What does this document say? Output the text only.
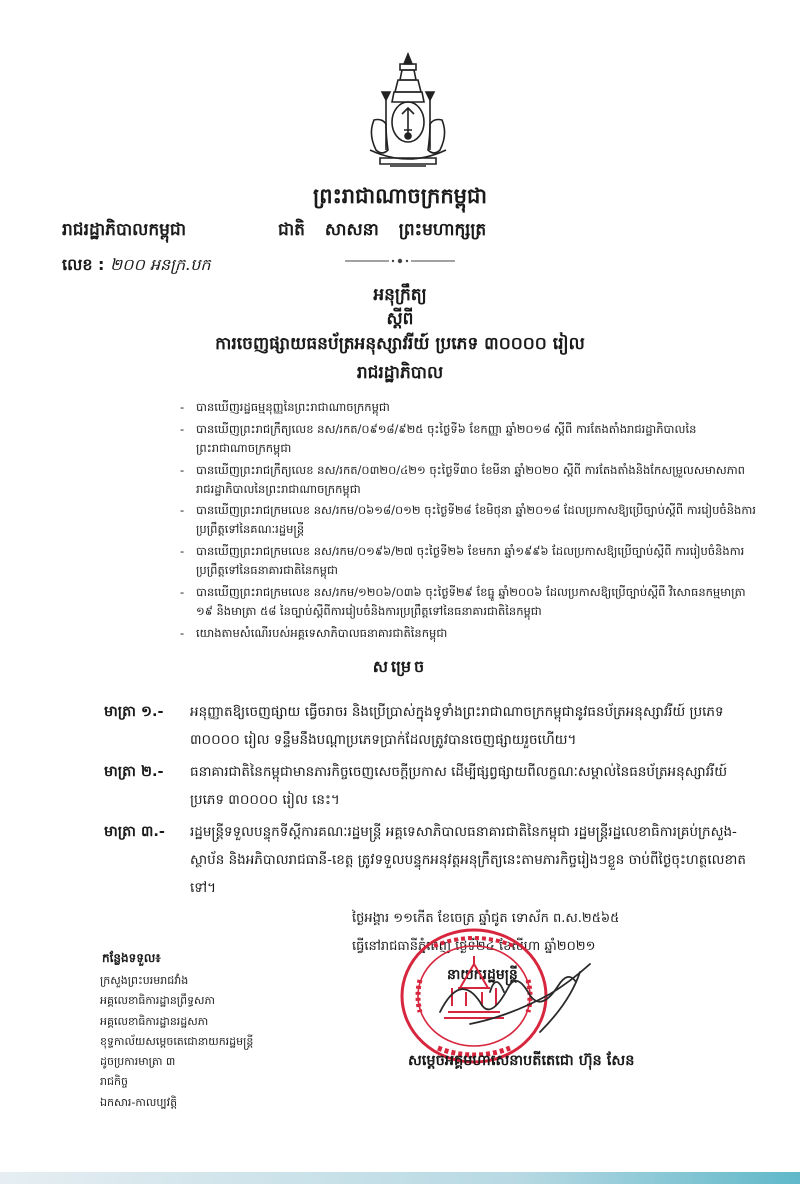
ព្រះរាជាណាចក្រកម្ពុជា
រាជរដ្ឋាភិបាលកម្ពុជា	ជាតិ សាសនា ព្រះមហាក្សត្រ
លេខ : ២០០ អនក្រ.បក
អនុក្រឹត្យ
ស្តីពី
ការចេញផ្សាយធនប័ត្រអនុស្សាវរីយ៍ ប្រភេទ ៣០០០០ រៀល
រាជរដ្ឋាភិបាល
- បានឃើញរដ្ឋធម្មនុញ្ញនៃព្រះរាជាណាចក្រកម្ពុជា
- បានឃើញព្រះរាជក្រឹត្យលេខ នស/រកត/០៩១៨/៩២៥ ចុះថ្ងៃទី៦ ខែកញ្ញា ឆ្នាំ២០១៨ ស្តីពី ការតែងតាំងរាជរដ្ឋាភិបាលនៃព្រះរាជាណាចក្រកម្ពុជា
- បានឃើញព្រះរាជក្រឹត្យលេខ នស/រកត/០៣២០/៤២១ ចុះថ្ងៃទី៣០ ខែមីនា ឆ្នាំ២០២០ ស្តីពី ការតែងតាំងនិងកែសម្រួលសមាសភាពរាជរដ្ឋាភិបាលនៃព្រះរាជាណាចក្រកម្ពុជា
- បានឃើញព្រះរាជក្រមលេខ នស/រកម/០៦១៨/០១២ ចុះថ្ងៃទី២៨ ខែមិថុនា ឆ្នាំ២០១៨ ដែលប្រកាសឱ្យប្រើច្បាប់ស្តីពី ការរៀបចំនិងការប្រព្រឹត្តទៅនៃគណៈរដ្ឋមន្ត្រី
- បានឃើញព្រះរាជក្រមលេខ នស/រកម/០១៩៦/២៧ ចុះថ្ងៃទី២៦ ខែមករា ឆ្នាំ១៩៩៦ ដែលប្រកាសឱ្យប្រើច្បាប់ស្តីពី ការរៀបចំនិងការប្រព្រឹត្តទៅនៃធនាគារជាតិនៃកម្ពុជា
- បានឃើញព្រះរាជក្រមលេខ នស/រកម/១២០៦/០៣៦ ចុះថ្ងៃទី២៩ ខែធ្នូ ឆ្នាំ២០០៦ ដែលប្រកាសឱ្យប្រើច្បាប់ស្តីពី វិសោធនកម្មមាត្រា ១៩ និងមាត្រា ៥៨ នៃច្បាប់ស្តីពីការរៀបចំនិងការប្រព្រឹត្តទៅនៃធនាគារជាតិនៃកម្ពុជា
- យោងតាមសំណើរបស់អគ្គទេសាភិបាលធនាគារជាតិនៃកម្ពុជា
សម្រេច
មាត្រា ១.-	អនុញ្ញាតឱ្យចេញផ្សាយ ធ្វើចរាចរ និងប្រើប្រាស់ក្នុងទូទាំងព្រះរាជាណាចក្រកម្ពុជានូវធនប័ត្រអនុស្សាវរីយ៍ ប្រភេទ ៣០០០០ រៀល ទន្ទឹមនឹងបណ្តាប្រភេទប្រាក់ដែលត្រូវបានចេញផ្សាយរួចហើយ។
មាត្រា ២.-	ធនាគារជាតិនៃកម្ពុជាមានភារកិច្ចចេញសេចក្តីប្រកាស ដើម្បីផ្សព្វផ្សាយពីលក្ខណៈសម្គាល់នៃធនប័ត្រអនុស្សាវរីយ៍ ប្រភេទ ៣០០០០ រៀល នេះ។
មាត្រា ៣.-	រដ្ឋមន្ត្រីទទួលបន្ទុកទីស្តីការគណៈរដ្ឋមន្ត្រី អគ្គទេសាភិបាលធនាគារជាតិនៃកម្ពុជា រដ្ឋមន្ត្រីរដ្ឋលេខាធិការគ្រប់ក្រសួង-ស្ថាប័ន និងអភិបាលរាជធានី-ខេត្ត ត្រូវទទួលបន្ទុកអនុវត្តអនុក្រឹត្យនេះតាមភារកិច្ចរៀងៗខ្លួន ចាប់ពីថ្ងៃចុះហត្ថលេខាតទៅ។
ថ្ងៃអង្គារ ១១កើត ខែចេត្រ ឆ្នាំជូត ទោស័ក ព.ស.២៥៦៥
ធ្វើនៅរាជធានីភ្នំពេញ ថ្ងៃទី២៤ ខែសីហា ឆ្នាំ២០២១
នាយករដ្ឋមន្ត្រី
សម្តេចអគ្គមហាសេនាបតីតេជោ ហ៊ុន សែន
កន្លែងទទួល៖
ក្រសួងព្រះបរមរាជវាំង
អគ្គលេខាធិការដ្ឋានព្រឹទ្ធសភា
អគ្គលេខាធិការដ្ឋានរដ្ឋសភា
ខុទ្ទកាល័យសម្តេចតេជោនាយករដ្ឋមន្ត្រី
ដូចប្រការមាត្រា ៣
រាជកិច្ច
ឯកសារ-កាលប្បវត្តិ
